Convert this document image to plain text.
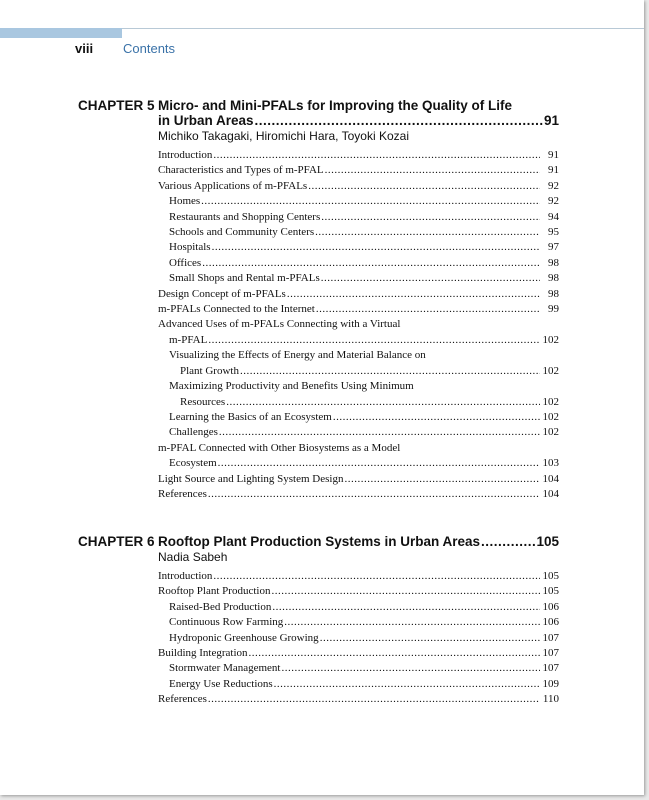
viii Contents
CHAPTER 5 Micro- and Mini-PFALs for Improving the Quality of Life
in Urban Areas .....	91
Michiko Takagaki, Hiromichi Hara, Toyoki Kozai
Introduction .....	91
Characteristics and Types of m-PFAL .....	91
Various Applications of m-PFALs .....	92
Homes .....	92
Restaurants and Shopping Centers .....	94
Schools and Community Centers .....	95
Hospitals .....	97
Offices .....	98
Small Shops and Rental m-PFALs .....	98
Design Concept of m-PFALs .....	98
m-PFALs Connected to the Internet .....	99
Advanced Uses of m-PFALs Connecting with a Virtual
m-PFAL .....	102
Visualizing the Effects of Energy and Material Balance on
Plant Growth .....	102
Maximizing Productivity and Benefits Using Minimum
Resources .....	102
Learning the Basics of an Ecosystem .....	102
Challenges .....	102
m-PFAL Connected with Other Biosystems as a Model
Ecosystem .....	103
Light Source and Lighting System Design .....	104
References .....	104
CHAPTER 6 Rooftop Plant Production Systems in Urban Areas .....	105
Nadia Sabeh
Introduction .....	105
Rooftop Plant Production .....	105
Raised-Bed Production .....	106
Continuous Row Farming .....	106
Hydroponic Greenhouse Growing .....	107
Building Integration .....	107
Stormwater Management .....	107
Energy Use Reductions .....	109
References .....	110
